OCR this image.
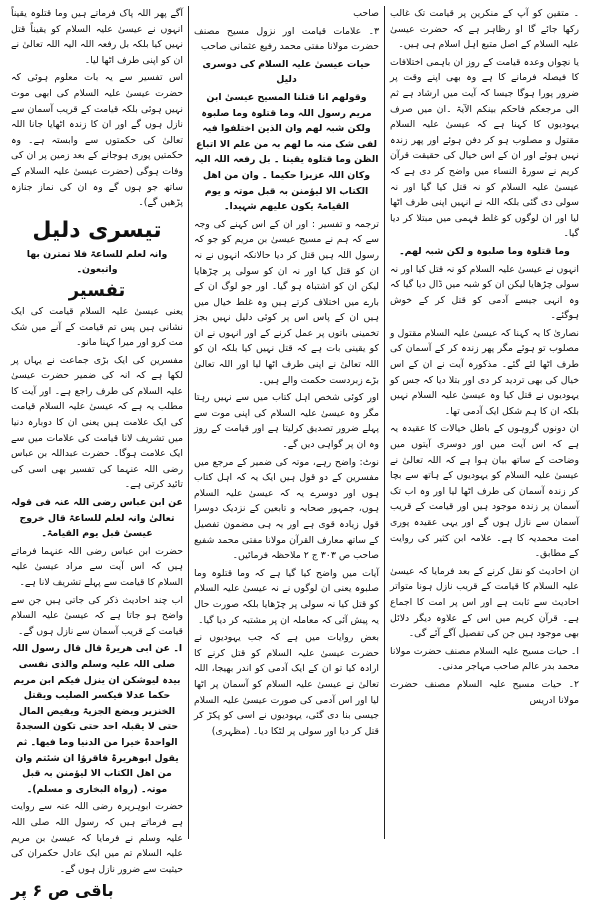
۔ متقین کو آپ کے منکرین پر قیامت تک غالب رکھا جائے گا او رظاہر ہے کہ حضرت عیسیٰ علیہ السلام کے اصل متبع اہل اسلام ہی ہیں۔

یا نچواں وعدہ قیامت کے روز ان باہمی اختلافات کا فیصلہ فرمانے کا ہے وہ بھی اپنے وقت پر ضرور پورا ہوگا جیسا کہ آیت میں ارشاد ہے ثم الی مرجعکم فاحکم بینکم الآیۃ ۔ان میں صرف یہودیوں کا کہنا ہے کہ عیسیٰ علیہ السلام مقتول و مصلوب ہو کر دفن ہوئے اور پھر زندہ نہیں ہوئے اور ان کے اس خیال کی حقیقت قرآن کریم نے سورۃ النساء میں واضح کر دی ہے کہ عیسیٰ علیہ السلام کو نہ قتل کیا گیا اور نہ سولی دی گئی بلکہ اللہ نے انہیں اپنی طرف اٹھا لیا اور ان لوگوں کو غلط فہمی میں مبتلا کر دیا گیا۔

وما قتلوہ وما صلبوہ و لکن شبہ لھم۔

انہوں نے عیسیٰ علیہ السلام کو نہ قتل کیا اور نہ سولی چڑھایا لیکن ان کو شبہ میں ڈال دیا گیا کہ وہ انہی جیسے آدمی کو قتل کر کے خوش ہوگئے۔

نصاریٰ کا یہ کہنا کہ عیسیٰ علیہ السلام مقتول و مصلوب تو ہوئے مگر پھر زندہ کر کے آسمان کی طرف اٹھا لئے گئے۔ مذکورہ آیت نے ان کے اس خیال کی بھی تردید کر دی اور بتلا دیا کہ جس کو یہودیوں نے قتل کیا وہ عیسیٰ علیہ السلام نہیں بلکہ ان کا ہم شکل ایک آدمی تھا۔

ان دونوں گروہوں کے باطل خیالات کا عقیدہ یہ ہے کہ اس آیت میں اور دوسری آیتوں میں وضاحت کے ساتھ بیان ہوا ہے کہ اللہ تعالیٰ نے عیسیٰ علیہ السلام کو یہودیوں کے ہاتھ سے بچا کر زندہ آسمان کی طرف اٹھا لیا اور وہ اب تک آسمان پر زندہ موجود ہیں اور قیامت کے قریب آسمان سے نازل ہوں گے اور یہی عقیدہ پوری امت محمدیہ کا ہے۔ علامہ ابن کثیر کی روایت کے مطابق۔

ان احادیث کو نقل کرنے کے بعد فرمایا کہ عیسیٰ علیہ السلام کا قیامت کے قریب نازل ہونا متواتر احادیث سے ثابت ہے اور اس پر امت کا اجماع ہے۔ قرآن کریم میں اس کے علاوہ دیگر دلائل بھی موجود ہیں جن کی تفصیل آگے آئے گی۔

ا۔ حیات مسیح علیہ السلام مصنف حضرت مولانا محمد بدر عالم صاحب مہاجر مدنی۔

۲۔ حیات مسیح علیہ السلام مصنف حضرت مولانا ادریس

صاحب

۳۔ علامات قیامت اور نزول مسیح مصنف حضرت مولانا مفتی محمد رفیع عثمانی صاحب

حیات عیسیٰ علیہ السلام کی دوسری دلیل

وقولھم انا قتلنا المسیح عیسیٰ ابن مریم رسول اللہ وما قتلوہ وما صلبوہ ولکن شبہ لھم وان الذین اختلفوا فیہ لفی شک منہ ما لھم بہ من علم الا اتباع الظن وما قتلوہ یقینا ۔ بل رفعہ اللہ الیہ وکان اللہ عزیزا حکیما ۔ وان من اھل الکتاب الا لیؤمنن بہ قبل موتہ و یوم القیامۃ یکون علیھم شہیدا۔

ترجمہ و تفسیر : اور ان کے اس کہنے کی وجہ سے کہ ہم نے مسیح عیسیٰ بن مریم کو جو کہ رسول اللہ ہیں قتل کر دیا حالانکہ انہوں نے نہ ان کو قتل کیا اور نہ ان کو سولی پر چڑھایا لیکن ان کو اشتباہ ہو گیا۔ اور جو لوگ ان کے بارے میں اختلاف کرتے ہیں وہ غلط خیال میں ہیں ان کے پاس اس پر کوئی دلیل نہیں بجز تخمینی باتوں پر عمل کرنے کے اور انہوں نے ان کو یقینی بات ہے کہ قتل نہیں کیا بلکہ ان کو اللہ تعالیٰ نے اپنی طرف اٹھا لیا اور اللہ تعالیٰ بڑے زبردست حکمت والے ہیں۔

اور کوئی شخص اہل کتاب میں سے نہیں رہتا مگر وہ عیسیٰ علیہ السلام کی اپنی موت سے پہلے ضرور تصدیق کرلیتا ہے اور قیامت کے روز وہ ان پر گواہی دیں گے۔

نوٹ: واضح رہے، موتہ کی ضمیر کے مرجع میں مفسرین کے دو قول ہیں ایک یہ کہ اہل کتاب ہوں اور دوسرے یہ کہ عیسیٰ علیہ السلام ہوں، جمہور صحابہ و تابعین کے نزدیک دوسرا قول زیادہ قوی ہے اور یہ ہی مضمون تفصیل کے ساتھ معارف القرآن مولانا مفتی محمد شفیع صاحب ص ۳۰۳ ج ۲ ملاحظہ فرمائیں۔

آیات میں واضح کیا گیا ہے کہ وما قتلوہ وما صلبوہ یعنی ان لوگوں نے نہ عیسیٰ علیہ السلام کو قتل کیا نہ سولی پر چڑھایا بلکہ صورت حال یہ پیش آئی کہ معاملہ ان پر مشتبہ کر دیا گیا۔

بعض روایات میں ہے کہ جب یہودیوں نے حضرت عیسیٰ علیہ السلام کو قتل کرنے کا ارادہ کیا تو ان کے ایک آدمی کو اندر بھیجا، اللہ تعالیٰ نے عیسیٰ علیہ السلام کو آسمان پر اٹھا لیا اور اس آدمی کی صورت عیسیٰ علیہ السلام جیسی بنا دی گئی، یہودیوں نے اسی کو پکڑ کر قتل کر دیا اور سولی پر لٹکا دیا۔ (مظہری)

آگے پھر اللہ پاک فرماتے ہیں وما قتلوہ یقیناً انہوں نے عیسیٰ علیہ السلام کو یقیناً قتل نہیں کیا بلکہ بل رفعہ اللہ الیہ اللہ تعالیٰ نے ان کو اپنی طرف اٹھا لیا۔

اس تفسیر سے یہ بات معلوم ہوئی کہ حضرت عیسیٰ علیہ السلام کی ابھی موت نہیں ہوئی بلکہ قیامت کے قریب آسمان سے نازل ہوں گے اور ان کا زندہ اٹھایا جانا اللہ تعالیٰ کی حکمتوں سے وابستہ ہے۔ وہ حکمتیں پوری ہوجانے کے بعد زمین پر ان کی وفات ہوگی (حضرت عیسیٰ علیہ السلام کے ساتھ جو ہوں گے وہ ان کی نماز جنازہ پڑھیں گے)۔

تیسری دلیل

وانہ لعلم للساعۃ فلا تمترن بھا واتبعون۔

تفسیر

یعنی عیسیٰ علیہ السلام قیامت کی ایک نشانی ہیں پس تم قیامت کے آنے میں شک مت کرو اور میرا کہنا مانو۔

مفسرین کی ایک بڑی جماعت نے یہاں پر لکھا ہے کہ انہ کی ضمیر حضرت عیسیٰ علیہ السلام کی طرف راجع ہے۔ اور آیت کا مطلب یہ ہے کہ عیسیٰ علیہ السلام قیامت کی ایک علامت ہیں یعنی ان کا دوبارہ دنیا میں تشریف لانا قیامت کی علامات میں سے ایک علامت ہوگا۔ حضرت عبداللہ بن عباس رضی اللہ عنہما کی تفسیر بھی اسی کی تائید کرتی ہے۔

عن ابن عباس رضی اللہ عنہ فی قولہ تعالیٰ وانہ لعلم للساعۃ قال خروج عیسیٰ قبل یوم القیامۃ۔

حضرت ابن عباس رضی اللہ عنہما فرماتے ہیں کہ اس آیت سے مراد عیسیٰ علیہ السلام کا قیامت سے پہلے تشریف لانا ہے۔

اب چند احادیث ذکر کی جاتی ہیں جن سے واضح ہو جاتا ہے کہ عیسیٰ علیہ السلام قیامت کے قریب آسمان سے نازل ہوں گے۔

ا۔ عن ابی ھریرۃ قال قال رسول اللہ صلی اللہ علیہ وسلم والذی نفسی بیدہ لیوشکن ان ینزل فیکم ابن مریم حکما عدلا فیکسر الصلیب ویقتل الخنزیر ویضع الجزیۃ ویفیض المال حتی لا یقبلہ احد حتی تکون السجدۃ الواحدۃ خیرا من الدنیا وما فیھا۔ ثم یقول ابوھریرۃ فاقرؤا ان شئتم وان من اھل الکتاب الا لیؤمنن بہ قبل موتہ۔ (رواہ البخاری و مسلم)۔

حضرت ابوہریرہ رضی اللہ عنہ سے روایت ہے فرماتے ہیں کہ رسول اللہ صلی اللہ علیہ وسلم نے فرمایا کہ عیسیٰ بن مریم علیہ السلام تم میں ایک عادل حکمران کی حیثیت سے ضرور نازل ہوں گے۔

باقی ص ۶ پر
